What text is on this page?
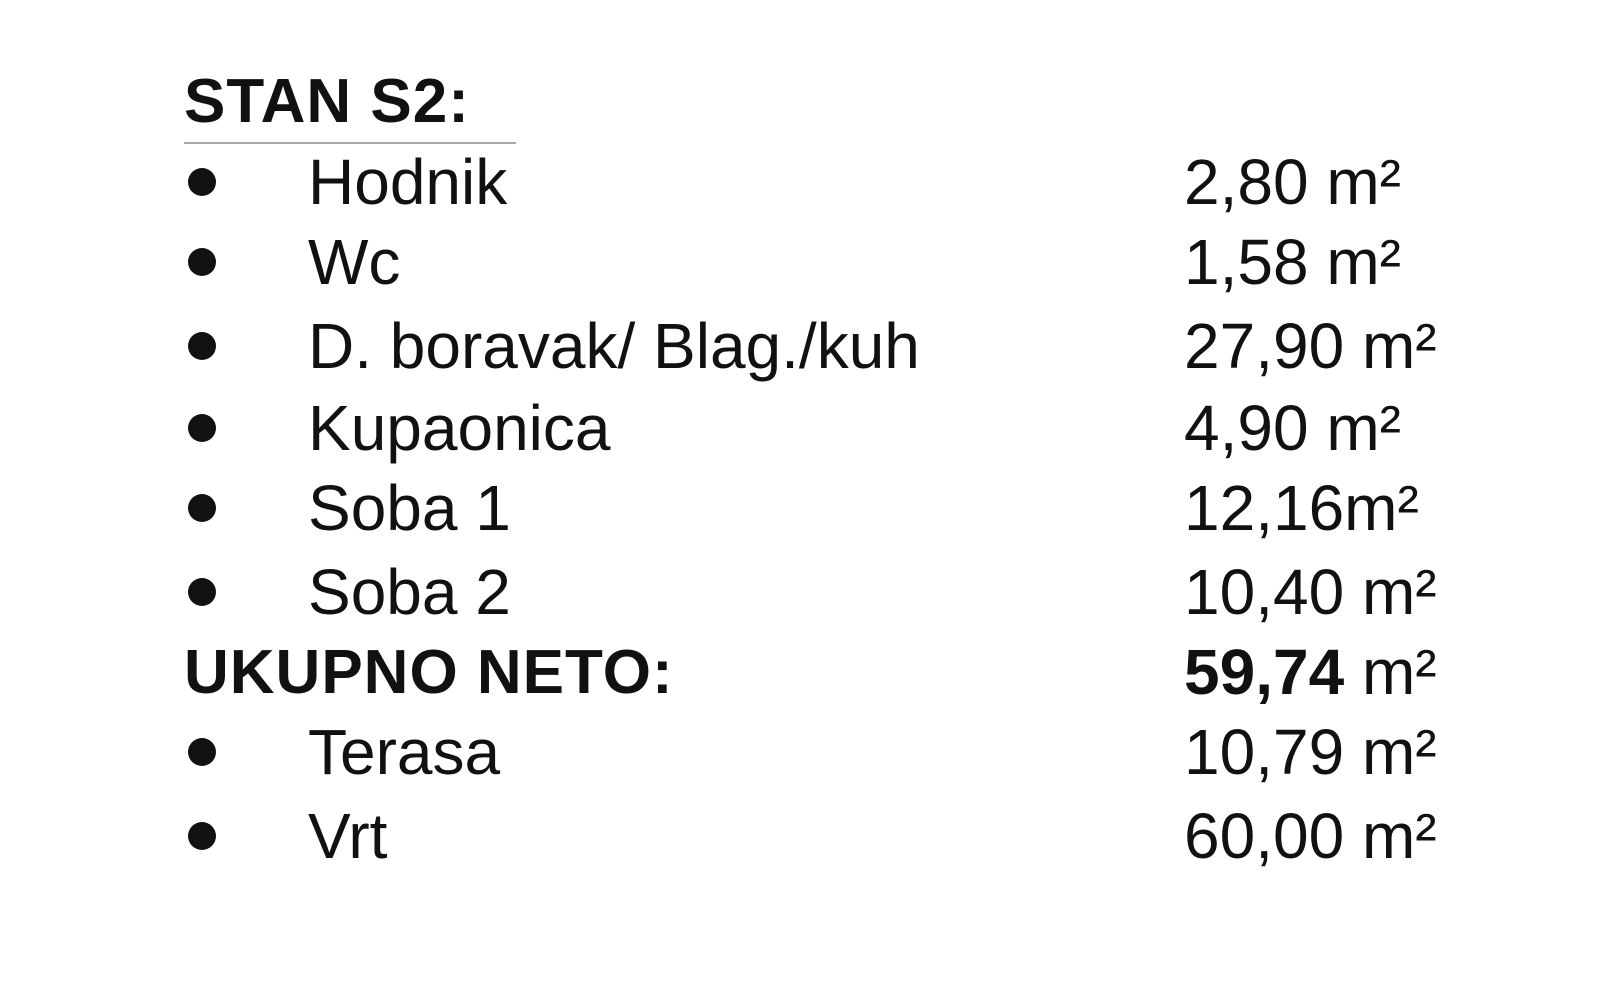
STAN S2:
Hodnik	2,80 m²
Wc	1,58 m²
D. boravak/ Blag./kuh	27,90 m²
Kupaonica	4,90 m²
Soba 1	12,16m²
Soba 2	10,40 m²
UKUPNO NETO:	59,74 m²
Terasa	10,79 m²
Vrt	60,00 m²
